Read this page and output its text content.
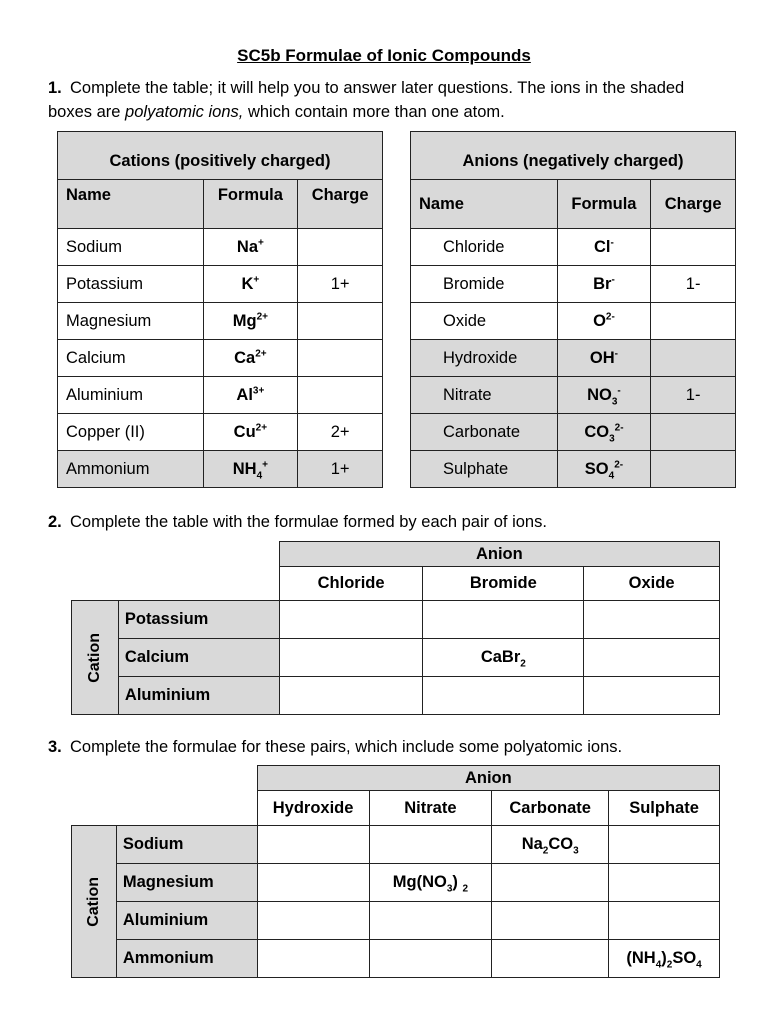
SC5b Formulae of Ionic Compounds
1. Complete the table; it will help you to answer later questions. The ions in the shaded boxes are polyatomic ions, which contain more than one atom.
Cations (positively charged)		
Name	Formula	Charge
Sodium	Na+	
Potassium	K+	1+
Magnesium	$Mg^{2+}$	
Calcium	$Ca^{2+}$	
Aluminium	$Al^{3+}$	
Copper (II)	$Cu^{2+}$	2+
Ammonium	$NH_4^+$	1+
Anions (negatively charged)		
Name	Formula	Charge
Chloride	Cl-	
Bromide	Br-	1-
Oxide	$O^{2-}$	
Hydroxide	OH-	
Nitrate	$NO_3^-$	1-
Carbonate	$CO_3^{2-}$	
Sulphate	$SO_4^{2-}$	
2. Complete the table with the formulae formed by each pair of ions.
		Anion		
		Chloride	Bromide	Oxide

Cation	Potassium			
	Calcium		CaBr$_2$	
	Aluminium			
3. Complete the formulae for these pairs, which include some polyatomic ions.
		Anion			
		Hydroxide	Nitrate	Carbonate	Sulphate

Cation	Sodium			$Na_2CO_3$	
	Magnesium		$Mg(NO_3)$ $_2$		
	Aluminium				
	Ammonium				$(NH_4)_2SO_4$
